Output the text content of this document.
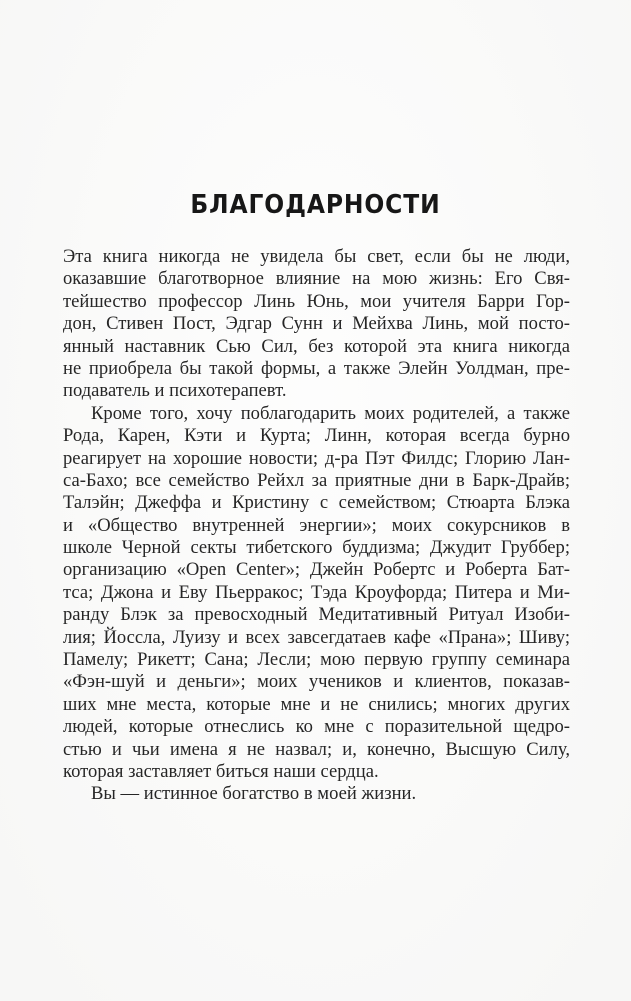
БЛАГОДАРНОСТИ
Эта книга никогда не увидела бы свет, если бы не люди,
оказавшие благотворное влияние на мою жизнь: Его Свя-
тейшество профессор Линь Юнь, мои учителя Барри Гор-
дон, Стивен Пост, Эдгар Сунн и Мейхва Линь, мой посто-
янный наставник Сью Сил, без которой эта книга никогда
не приобрела бы такой формы, а также Элейн Уолдман, пре-
подаватель и психотерапевт.
Кроме того, хочу поблагодарить моих родителей, а также
Рода, Карен, Кэти и Курта; Линн, которая всегда бурно
реагирует на хорошие новости; д-ра Пэт Филдс; Глорию Лан-
са-Бахо; все семейство Рейхл за приятные дни в Барк-Драйв;
Талэйн; Джеффа и Кристину с семейством; Стюарта Блэка
и «Общество внутренней энергии»; моих сокурсников в
школе Черной секты тибетского буддизма; Джудит Груббер;
организацию «Open Center»; Джейн Робертс и Роберта Бат-
тса; Джона и Еву Пьерракос; Тэда Кроуфорда; Питера и Ми-
ранду Блэк за превосходный Медитативный Ритуал Изоби-
лия; Йоссла, Луизу и всех завсегдатаев кафе «Прана»; Шиву;
Памелу; Рикетт; Сана; Лесли; мою первую группу семинара
«Фэн-шуй и деньги»; моих учеников и клиентов, показав-
ших мне места, которые мне и не снились; многих других
людей, которые отнеслись ко мне с поразительной щедро-
стью и чьи имена я не назвал; и, конечно, Высшую Силу,
которая заставляет биться наши сердца.
Вы — истинное богатство в моей жизни.
